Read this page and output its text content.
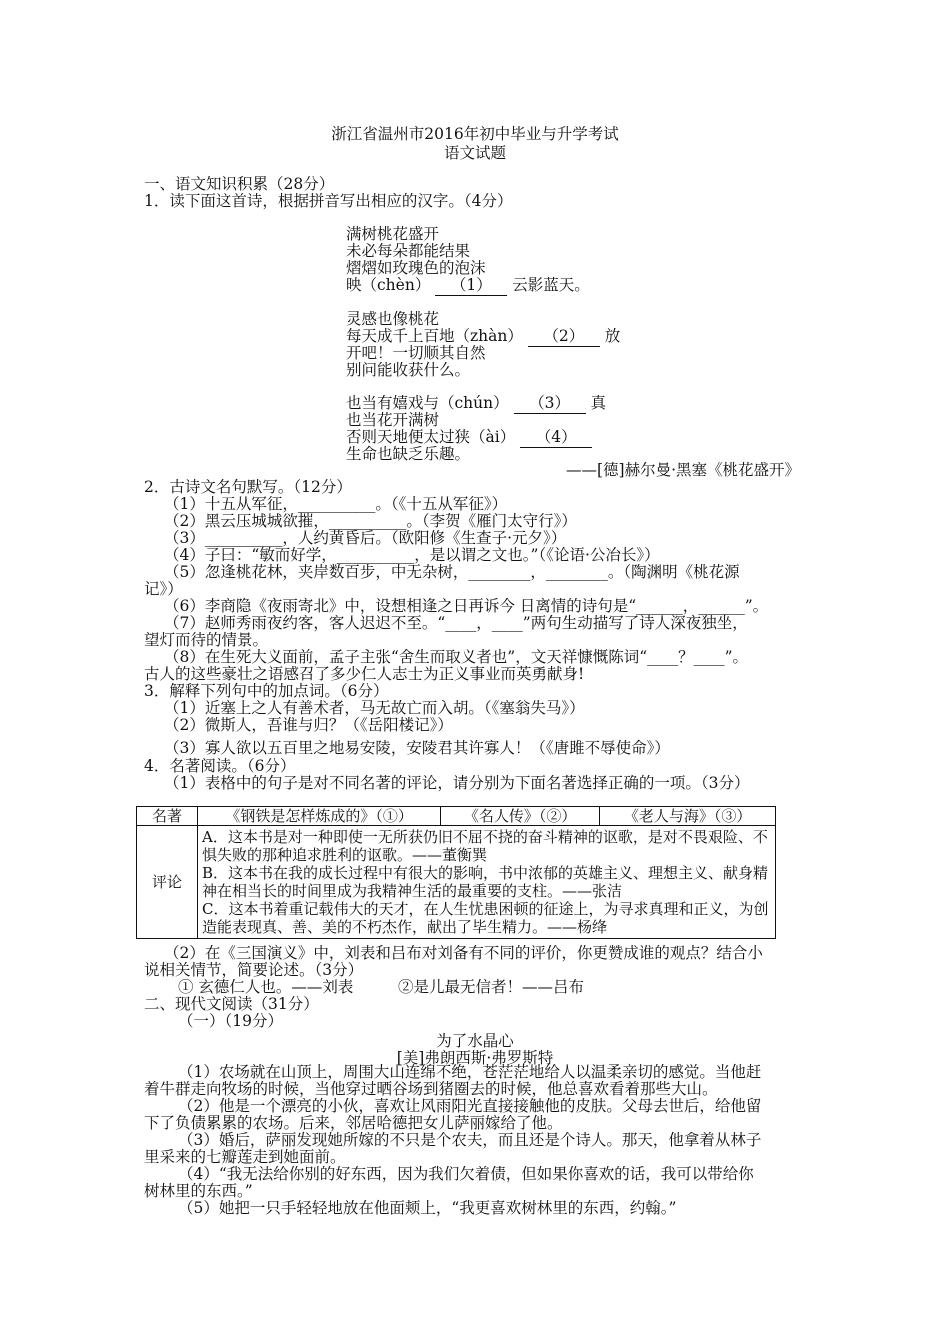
浙江省温州市2016年初中毕业与升学考试
语文试题
一、语文知识积累（28分）
1．读下面这首诗，根据拼音写出相应的汉字。（4分）
满树桃花盛开
未必每朵都能结果
熠熠如玫瑰色的泡沫
映（chèn） （1） 云影蓝天。
灵感也像桃花
每天成千上百地（zhàn） （2） 放
开吧！一切顺其自然
别问能收获什么。
也当有嬉戏与（chún） （3） 真
也当花开满树
否则天地便太过狭（ài） （4）
生命也缺乏乐趣。
——[德]赫尔曼·黑塞《桃花盛开》
2．古诗文名句默写。（12分）
（1）十五从军征，__________。（《十五从军征》）
（2）黑云压城城欲摧，__________。（李贺《雁门太守行》）
（3）__________，人约黄昏后。（欧阳修《生查子·元夕》）
（4）子曰：“敏而好学，__________，是以谓之文也。”（《论语·公冶长》）
（5）忽逢桃花林，夹岸数百步，中无杂树，________，________。（陶渊明《桃花源
记》）
（6）李商隐《夜雨寄北》中，设想相逢之日再诉今 日离情的诗句是“______，______”。
（7）赵师秀雨夜约客，客人迟迟不至。“____，____”两句生动描写了诗人深夜独坐，
望灯而待的情景。
（8）在生死大义面前，孟子主张“舍生而取义者也”，文天祥慷慨陈词“____？____”。
古人的这些豪壮之语感召了多少仁人志士为正义事业而英勇献身!
3．解释下列句中的加点词。（6分）
（1）近塞上之人有善术者，马无故亡而入胡。（《塞翁失马》）
（2）微斯人，吾谁与归？（《岳阳楼记》）
（3）寡人欲以五百里之地易安陵，安陵君其许寡人！（《唐雎不辱使命》）
4．名著阅读。（6分）
（1）表格中的句子是对不同名著的评论，请分别为下面名著选择正确的一项。（3分）
名著	《钢铁是怎样炼成的》（①）	《名人传》（②）	《老人与海》（③）
评论	A．这本书是对一种即使一无所获仍旧不屈不挠的奋斗精神的讴歌，是对不畏艰险、不惧失败的那种追求胜利的讴歌。——董衡巽
B．这本书在我的成长过程中有很大的影响，书中浓郁的英雄主义、理想主义、献身精神在相当长的时间里成为我精神生活的最重要的支柱。——张洁
C．这本书着重记载伟大的天才，在人生忧患困顿的征途上，为寻求真理和正义，为创造能表现真、善、美的不朽杰作，献出了毕生精力。——杨绛		
（2）在《三国演义》中，刘表和吕布对刘备有不同的评价，你更赞成谁的观点？结合小
说相关情节，简要论述。（3分）
① 玄德仁人也。——刘表	②是儿最无信者！——吕布
二、现代文阅读（31分）
（一）（19分）
为了水晶心
[美]弗朗西斯·弗罗斯特
（1）农场就在山顶上，周围大山连绵不绝，苍茫茫地给人以温柔亲切的感觉。当他赶
着牛群走向牧场的时候，当他穿过晒谷场到猪圈去的时候，他总喜欢看着那些大山。
（2）他是一个漂亮的小伙，喜欢让风雨阳光直接接触他的皮肤。父母去世后，给他留
下了负债累累的农场。后来，邻居哈德把女儿萨丽嫁给了他。
（3）婚后，萨丽发现她所嫁的不只是个农夫，而且还是个诗人。那天，他拿着从林子
里采来的七瓣莲走到她面前。
（4）“我无法给你别的好东西，因为我们欠着债，但如果你喜欢的话，我可以带给你
树林里的东西。”
（5）她把一只手轻轻地放在他面颊上，“我更喜欢树林里的东西，约翰。”
